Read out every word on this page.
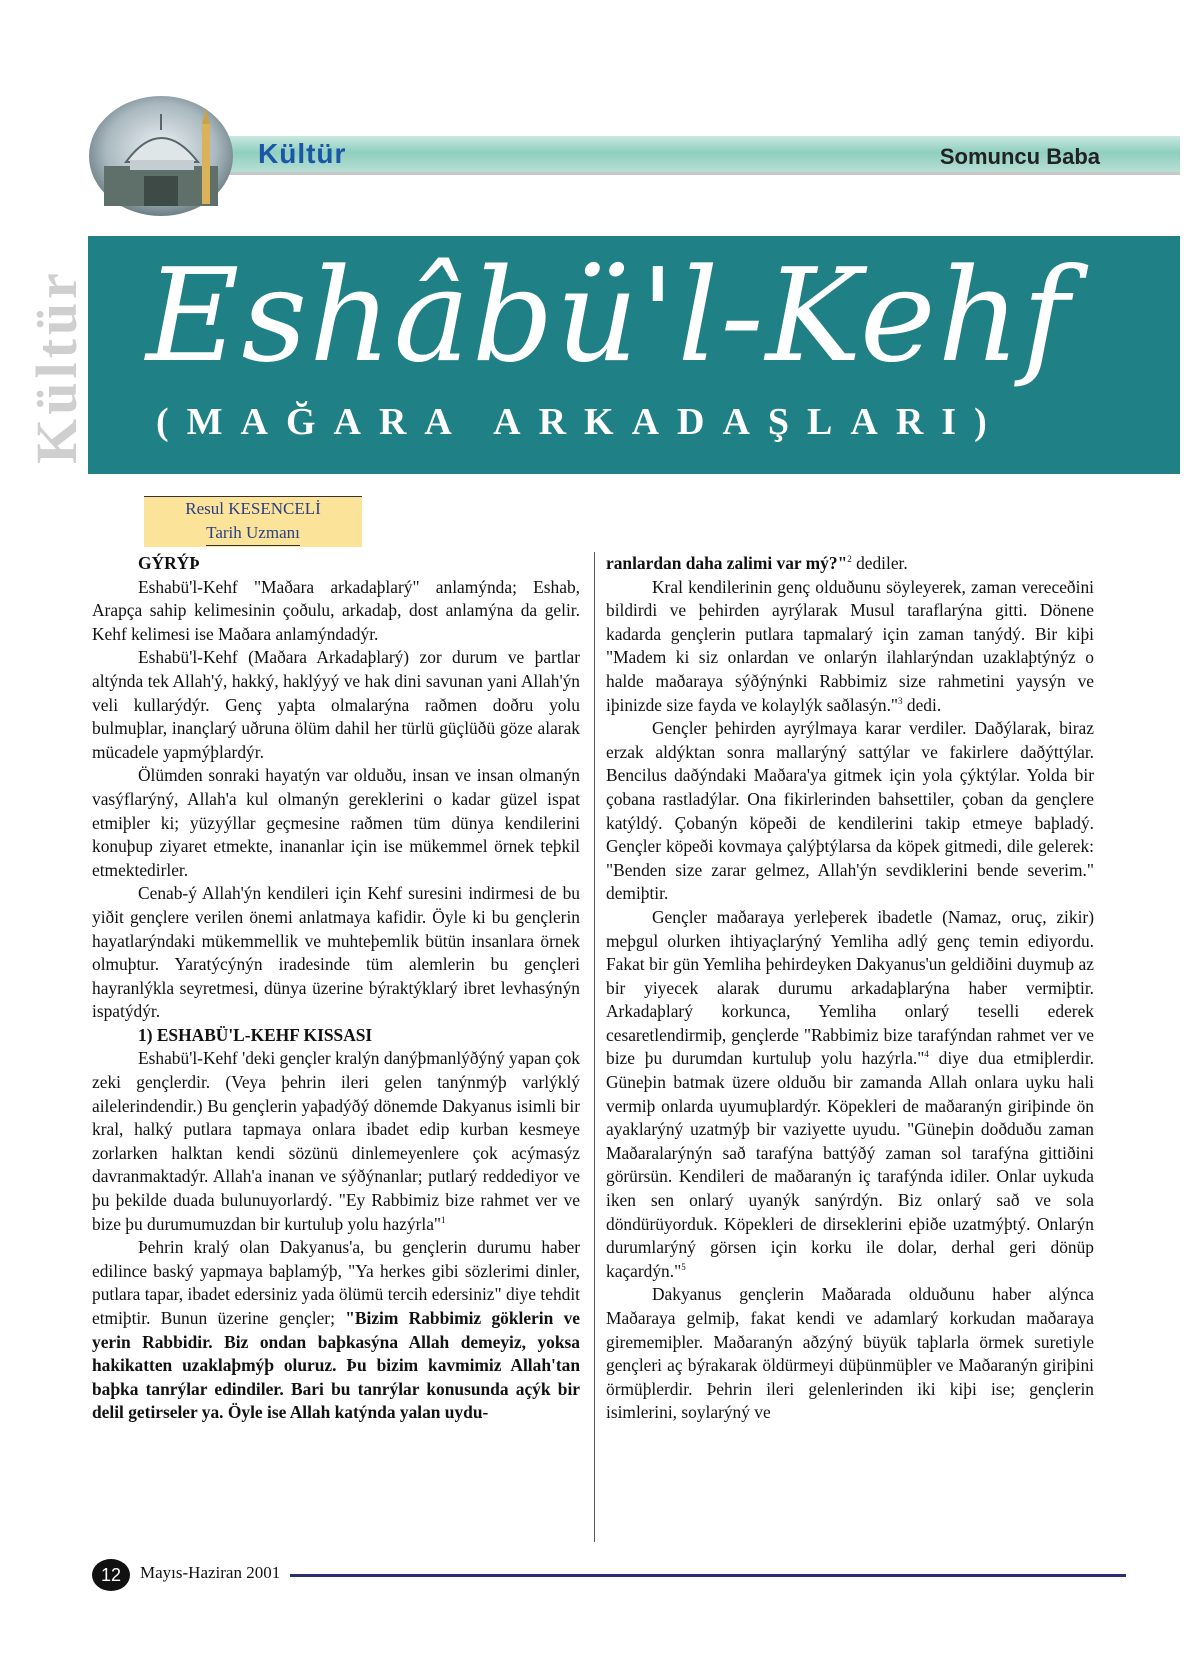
Kültür	Somuncu Baba
Kültür Eshâbü'l-Kehf
(MAĞARA ARKADAŞLARI)
Resul KESENCELİ
Tarih Uzmanı
GÝRÝÞ

Eshabü'l-Kehf "Maðara arkadaþlarý" anlamýnda; Eshab, Arapça sahip kelimesinin çoðulu, arkadaþ, dost anlamýna da gelir. Kehf kelimesi ise Maðara anlamýndadýr.

Eshabü'l-Kehf (Maðara Arkadaþlarý) zor durum ve þartlar altýnda tek Allah'ý, hakký, haklýyý ve hak dini savunan yani Allah'ýn veli kullarýdýr. Genç yaþta olmalarýna raðmen doðru yolu bulmuþlar, inançlarý uðruna ölüm dahil her türlü güçlüðü göze alarak mücadele yapmýþlardýr.

Ölümden sonraki hayatýn var olduðu, insan ve insan olmanýn vasýflarýný, Allah'a kul olmanýn gereklerini o kadar güzel ispat etmiþler ki; yüzyýllar geçmesine raðmen tüm dünya kendilerini konuþup ziyaret etmekte, inananlar için ise mükemmel örnek teþkil etmektedirler.

Cenab-ý Allah'ýn kendileri için Kehf suresini indirmesi de bu yiðit gençlere verilen önemi anlatmaya kafidir. Öyle ki bu gençlerin hayatlarýndaki mükemmellik ve muhteþemlik bütün insanlara örnek olmuþtur. Yaratýcýnýn iradesinde tüm alemlerin bu gençleri hayranlýkla seyretmesi, dünya üzerine býraktýklarý ibret levhasýnýn ispatýdýr.

1) ESHABÜ'L-KEHF KISSASI

Eshabü'l-Kehf 'deki gençler kralýn danýþmanlýðýný yapan çok zeki gençlerdir. (Veya þehrin ileri gelen tanýnmýþ varlýklý ailelerindendir.) Bu gençlerin yaþadýðý dönemde Dakyanus isimli bir kral, halký putlara tapmaya onlara ibadet edip kurban kesmeye zorlarken halktan kendi sözünü dinlemeyenlere çok acýmasýz davranmaktadýr. Allah'a inanan ve sýðýnanlar; putlarý reddediyor ve þu þekilde duada bulunuyorlardý. "Ey Rabbimiz bize rahmet ver ve bize þu durumumuzdan bir kurtuluþ yolu hazýrla"$^1$

Þehrin kralý olan Dakyanus'a, bu gençlerin durumu haber edilince baský yapmaya baþlamýþ, "Ya herkes gibi sözlerimi dinler, putlara tapar, ibadet edersiniz yada ölümü tercih edersiniz" diye tehdit etmiþtir. Bunun üzerine gençler; "Bizim Rabbimiz göklerin ve yerin Rabbidir. Biz ondan baþkasýna Allah demeyiz, yoksa hakikatten uzaklaþmýþ oluruz. Þu bizim kavmimiz Allah'tan baþka tanrýlar edindiler. Bari bu tanrýlar konusunda açýk bir delil getirseler ya. Öyle ise Allah katýnda yalan uydu-

ranlardan daha zalimi var mý?"$^2$ dediler.

Kral kendilerinin genç olduðunu söyleyerek, zaman vereceðini bildirdi ve þehirden ayrýlarak Musul taraflarýna gitti. Dönene kadarda gençlerin putlara tapmalarý için zaman tanýdý. Bir kiþi "Madem ki siz onlardan ve onlarýn ilahlarýndan uzaklaþtýnýz o halde maðaraya sýðýnýnki Rabbimiz size rahmetini yaysýn ve iþinizde size fayda ve kolaylýk saðlasýn."$^3$ dedi.

Gençler þehirden ayrýlmaya karar verdiler. Daðýlarak, biraz erzak aldýktan sonra mallarýný sattýlar ve fakirlere daðýttýlar. Bencilus daðýndaki Maðara'ya gitmek için yola çýktýlar. Yolda bir çobana rastladýlar. Ona fikirlerinden bahsettiler, çoban da gençlere katýldý. Çobanýn köpeði de kendilerini takip etmeye baþladý. Gençler köpeði kovmaya çalýþtýlarsa da köpek gitmedi, dile gelerek: "Benden size zarar gelmez, Allah'ýn sevdiklerini bende severim." demiþtir.

Gençler maðaraya yerleþerek ibadetle (Namaz, oruç, zikir) meþgul olurken ihtiyaçlarýný Yemliha adlý genç temin ediyordu. Fakat bir gün Yemliha þehirdeyken Dakyanus'un geldiðini duymuþ az bir yiyecek alarak durumu arkadaþlarýna haber vermiþtir. Arkadaþlarý korkunca, Yemliha onlarý teselli ederek cesaretlendirmiþ, gençlerde "Rabbimiz bize tarafýndan rahmet ver ve bize þu durumdan kurtuluþ yolu hazýrla."$^4$ diye dua etmiþlerdir. Güneþin batmak üzere olduðu bir zamanda Allah onlara uyku hali vermiþ onlarda uyumuþlardýr. Köpekleri de maðaranýn giriþinde ön ayaklarýný uzatmýþ bir vaziyette uyudu. "Güneþin doðduðu zaman Maðaralarýnýn sað tarafýna battýðý zaman sol tarafýna gittiðini görürsün. Kendileri de maðaranýn iç tarafýnda idiler. Onlar uykuda iken sen onlarý uyanýk sanýrdýn. Biz onlarý sað ve sola döndürüyorduk. Köpekleri de dirseklerini eþiðe uzatmýþtý. Onlarýn durumlarýný görsen için korku ile dolar, derhal geri dönüp kaçardýn."$^5$

Dakyanus gençlerin Maðarada olduðunu haber alýnca Maðaraya gelmiþ, fakat kendi ve adamlarý korkudan maðaraya girememiþler. Maðaranýn aðzýný büyük taþlarla örmek suretiyle gençleri aç býrakarak öldürmeyi düþünmüþler ve Maðaranýn giriþini örmüþlerdir. Þehrin ileri gelenlerinden iki kiþi ise; gençlerin isimlerini, soylarýný ve

12	Mayıs-Haziran 2001
